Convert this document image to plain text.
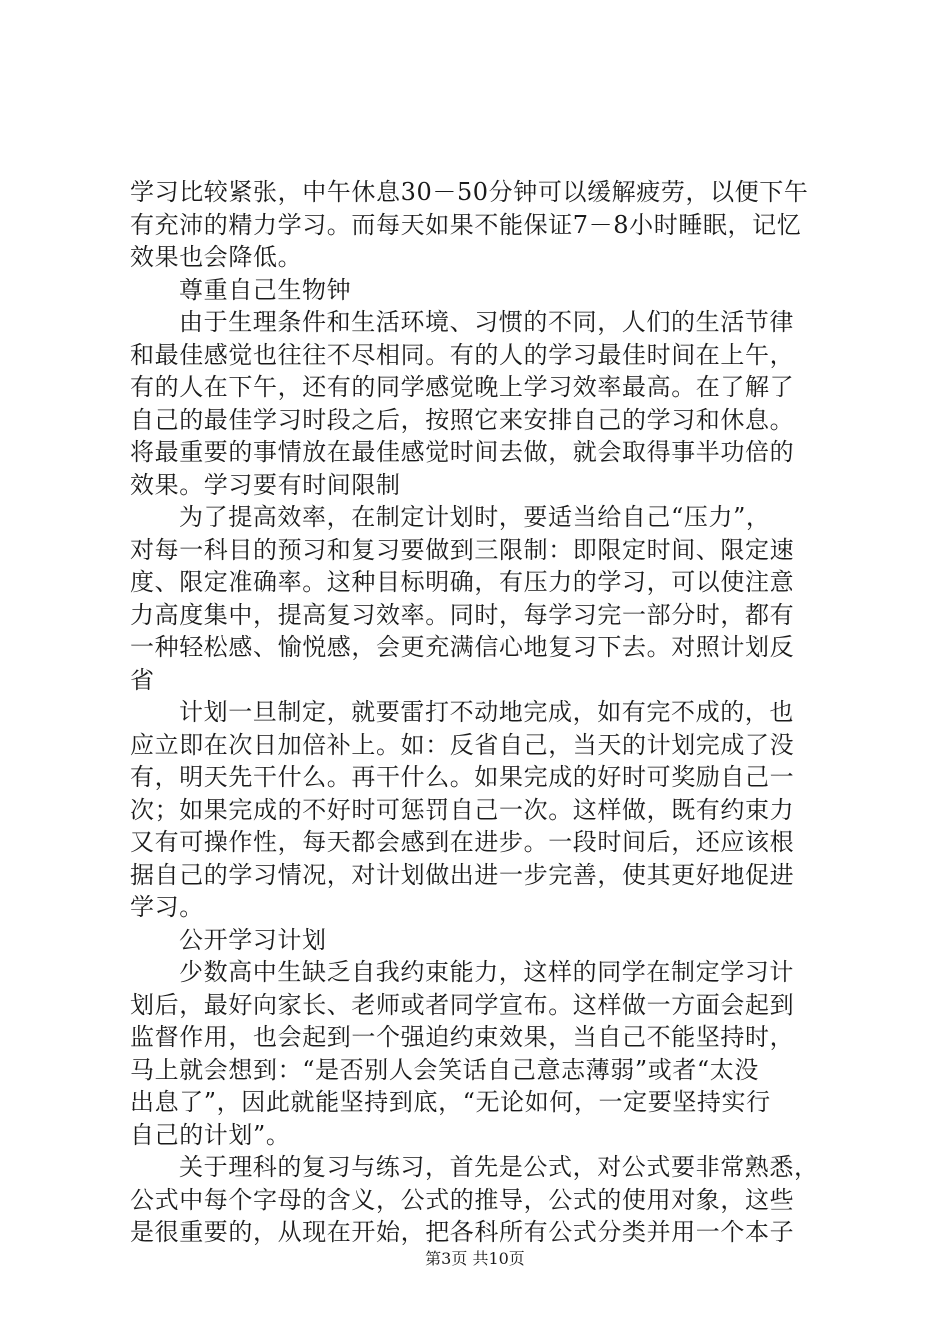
学习比较紧张，中午休息30－50分钟可以缓解疲劳，以便下午
有充沛的精力学习。而每天如果不能保证7－8小时睡眠，记忆
效果也会降低。
尊重自己生物钟
由于生理条件和生活环境、习惯的不同，人们的生活节律
和最佳感觉也往往不尽相同。有的人的学习最佳时间在上午，
有的人在下午，还有的同学感觉晚上学习效率最高。在了解了
自己的最佳学习时段之后，按照它来安排自己的学习和休息。
将最重要的事情放在最佳感觉时间去做，就会取得事半功倍的
效果。学习要有时间限制
为了提高效率，在制定计划时，要适当给自己“压力”，
对每一科目的预习和复习要做到三限制：即限定时间、限定速
度、限定准确率。这种目标明确，有压力的学习，可以使注意
力高度集中，提高复习效率。同时，每学习完一部分时，都有
一种轻松感、愉悦感，会更充满信心地复习下去。对照计划反
省
计划一旦制定，就要雷打不动地完成，如有完不成的，也
应立即在次日加倍补上。如：反省自己，当天的计划完成了没
有，明天先干什么。再干什么。如果完成的好时可奖励自己一
次；如果完成的不好时可惩罚自己一次。这样做，既有约束力
又有可操作性，每天都会感到在进步。一段时间后，还应该根
据自己的学习情况，对计划做出进一步完善，使其更好地促进
学习。
公开学习计划
少数高中生缺乏自我约束能力，这样的同学在制定学习计
划后，最好向家长、老师或者同学宣布。这样做一方面会起到
监督作用，也会起到一个强迫约束效果，当自己不能坚持时，
马上就会想到：“是否别人会笑话自己意志薄弱”或者“太没
出息了”，因此就能坚持到底，“无论如何，一定要坚持实行
自己的计划”。
关于理科的复习与练习，首先是公式，对公式要非常熟悉，
公式中每个字母的含义，公式的推导，公式的使用对象，这些
是很重要的，从现在开始，把各科所有公式分类并用一个本子
第3页 共10页
